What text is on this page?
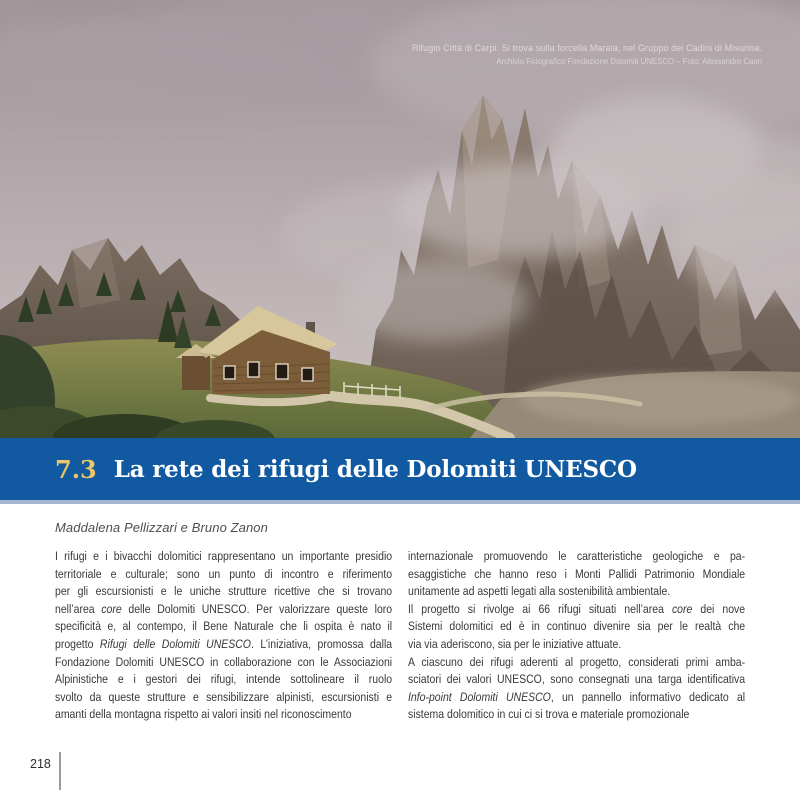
Rifugio Città di Carpi. Si trova sulla forcella Maraia, nel Gruppo dei Cadini di Misurina.
Archivio Fotografico Fondazione Dolomiti UNESCO – Foto: Alessandro Caon
7.3 La rete dei rifugi delle Dolomiti UNESCO
Maddalena Pellizzari e Bruno Zanon
I rifugi e i bivacchi dolomitici rappresentano un importante presidio
territoriale e culturale; sono un punto di incontro e riferimento
per gli escursionisti e le uniche strutture ricettive che si trovano
nell’area core delle Dolomiti UNESCO. Per valorizzare queste loro
specificità e, al contempo, il Bene Naturale che li ospita è nato il
progetto Rifugi delle Dolomiti UNESCO. L’iniziativa, promossa dalla
Fondazione Dolomiti UNESCO in collaborazione con le Associazioni
Alpinistiche e i gestori dei rifugi, intende sottolineare il ruolo
svolto da queste strutture e sensibilizzare alpinisti, escursionisti e
amanti della montagna rispetto ai valori insiti nel riconoscimento
internazionale promuovendo le caratteristiche geologiche e pa-
esaggistiche che hanno reso i Monti Pallidi Patrimonio Mondiale
unitamente ad aspetti legati alla sostenibilità ambientale.
Il progetto si rivolge ai 66 rifugi situati nell’area core dei nove
Sistemi dolomitici ed è in continuo divenire sia per le realtà che
via via aderiscono, sia per le iniziative attuate.
A ciascuno dei rifugi aderenti al progetto, considerati primi amba-
sciatori dei valori UNESCO, sono consegnati una targa identificativa
Info-point Dolomiti UNESCO, un pannello informativo dedicato al
sistema dolomitico in cui ci si trova e materiale promozionale
218
